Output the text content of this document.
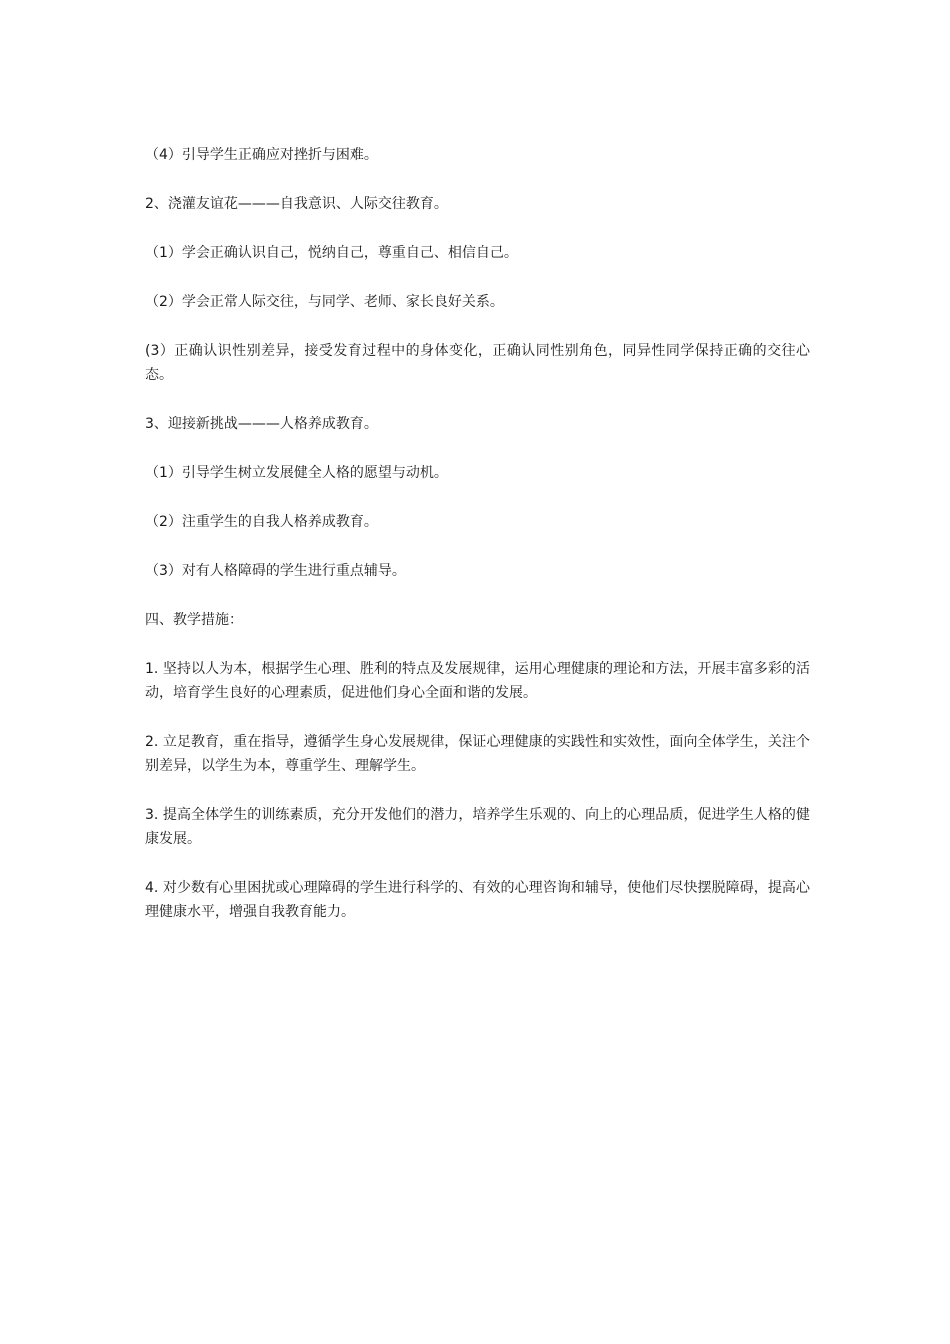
（4）引导学生正确应对挫折与困难。

2、浇灌友谊花———自我意识、人际交往教育。

（1）学会正确认识自己，悦纳自己，尊重自己、相信自己。

（2）学会正常人际交往，与同学、老师、家长良好关系。

(3）正确认识性别差异，接受发育过程中的身体变化，正确认同性别角色，同异性同学保持正确的交往心态。

3、迎接新挑战———人格养成教育。

（1）引导学生树立发展健全人格的愿望与动机。

（2）注重学生的自我人格养成教育。

（3）对有人格障碍的学生进行重点辅导。

四、教学措施：

1. 坚持以人为本，根据学生心理、胜利的特点及发展规律，运用心理健康的理论和方法，开展丰富多彩的活动，培育学生良好的心理素质，促进他们身心全面和谐的发展。

2. 立足教育，重在指导，遵循学生身心发展规律，保证心理健康的实践性和实效性，面向全体学生，关注个别差异，以学生为本，尊重学生、理解学生。

3. 提高全体学生的训练素质，充分开发他们的潜力，培养学生乐观的、向上的心理品质，促进学生人格的健康发展。

4. 对少数有心里困扰或心理障碍的学生进行科学的、有效的心理咨询和辅导，使他们尽快摆脱障碍，提高心理健康水平，增强自我教育能力。
